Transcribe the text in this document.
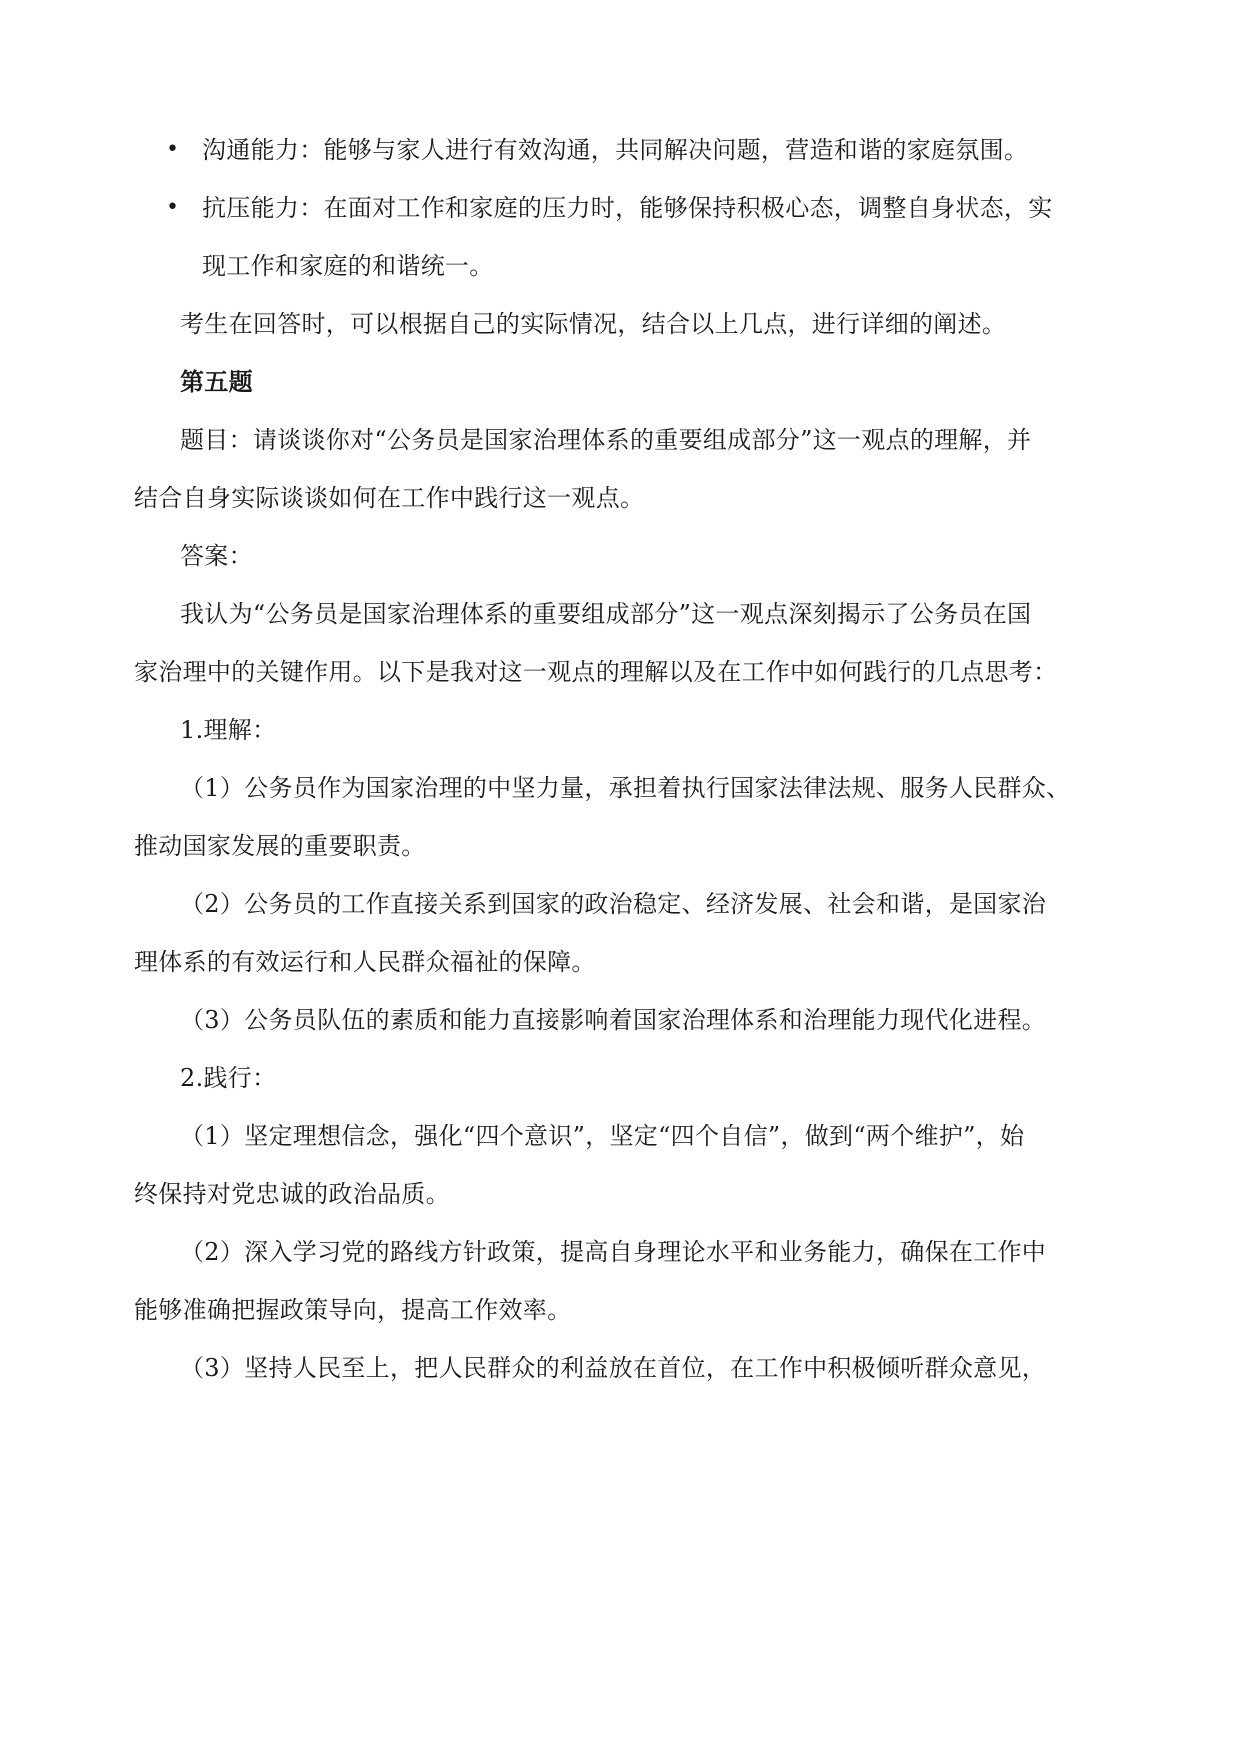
• 沟通能力：能够与家人进行有效沟通，共同解决问题，营造和谐的家庭氛围。
• 抗压能力：在面对工作和家庭的压力时，能够保持积极心态，调整自身状态，实
现工作和家庭的和谐统一。
考生在回答时，可以根据自己的实际情况，结合以上几点，进行详细的阐述。
第五题
题目：请谈谈你对“公务员是国家治理体系的重要组成部分”这一观点的理解，并
结合自身实际谈谈如何在工作中践行这一观点。
答案：
我认为“公务员是国家治理体系的重要组成部分”这一观点深刻揭示了公务员在国
家治理中的关键作用。以下是我对这一观点的理解以及在工作中如何践行的几点思考：
1.理解：
（1）公务员作为国家治理的中坚力量，承担着执行国家法律法规、服务人民群众、
推动国家发展的重要职责。
（2）公务员的工作直接关系到国家的政治稳定、经济发展、社会和谐，是国家治
理体系的有效运行和人民群众福祉的保障。
（3）公务员队伍的素质和能力直接影响着国家治理体系和治理能力现代化进程。
2.践行：
（1）坚定理想信念，强化“四个意识”，坚定“四个自信”，做到“两个维护”，始
终保持对党忠诚的政治品质。
（2）深入学习党的路线方针政策，提高自身理论水平和业务能力，确保在工作中
能够准确把握政策导向，提高工作效率。
（3）坚持人民至上，把人民群众的利益放在首位，在工作中积极倾听群众意见，
